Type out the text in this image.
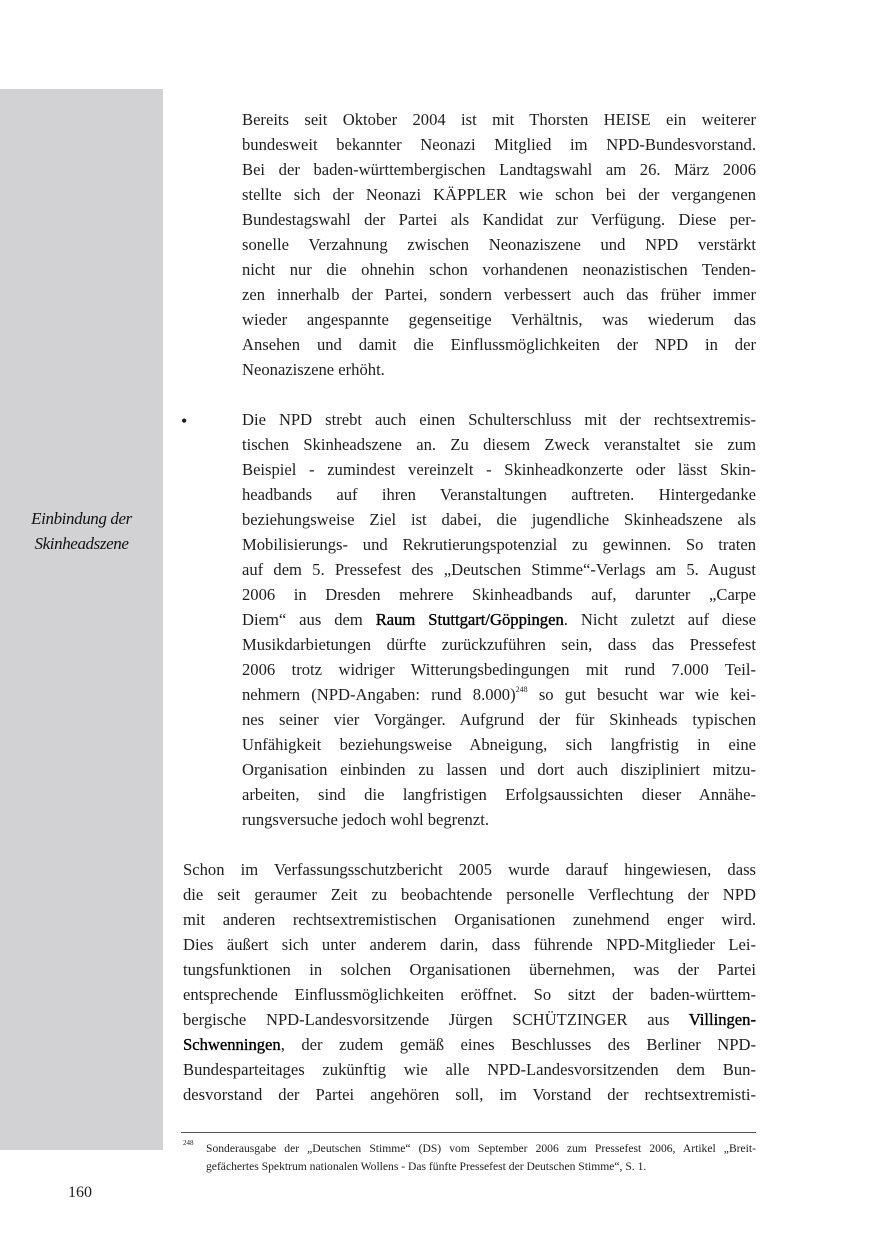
Einbindung der
Skinheadszene
Bereits seit Oktober 2004 ist mit Thorsten HEISE ein weiterer
bundesweit bekannter Neonazi Mitglied im NPD-Bundesvorstand.
Bei der baden-württembergischen Landtagswahl am 26. März 2006
stellte sich der Neonazi KÄPPLER wie schon bei der vergangenen
Bundestagswahl der Partei als Kandidat zur Verfügung. Diese per-
sonelle Verzahnung zwischen Neonaziszene und NPD verstärkt
nicht nur die ohnehin schon vorhandenen neonazistischen Tenden-
zen innerhalb der Partei, sondern verbessert auch das früher immer
wieder angespannte gegenseitige Verhältnis, was wiederum das
Ansehen und damit die Einflussmöglichkeiten der NPD in der
Neonaziszene erhöht.
•	Die NPD strebt auch einen Schulterschluss mit der rechtsextremis-
tischen Skinheadszene an. Zu diesem Zweck veranstaltet sie zum
Beispiel - zumindest vereinzelt - Skinheadkonzerte oder lässt Skin-
headbands auf ihren Veranstaltungen auftreten. Hintergedanke
beziehungsweise Ziel ist dabei, die jugendliche Skinheadszene als
Mobilisierungs- und Rekrutierungspotenzial zu gewinnen. So traten
auf dem 5. Pressefest des „Deutschen Stimme“-Verlags am 5. August
2006 in Dresden mehrere Skinheadbands auf, darunter „Carpe
Diem“ aus dem Raum Stuttgart/Göppingen. Nicht zuletzt auf diese
Musikdarbietungen dürfte zurückzuführen sein, dass das Pressefest
2006 trotz widriger Witterungsbedingungen mit rund 7.000 Teil-
nehmern (NPD-Angaben: rund 8.000)$^{248}$ so gut besucht war wie kei-
nes seiner vier Vorgänger. Aufgrund der für Skinheads typischen
Unfähigkeit beziehungsweise Abneigung, sich langfristig in eine
Organisation einbinden zu lassen und dort auch diszipliniert mitzu-
arbeiten, sind die langfristigen Erfolgsaussichten dieser Annähe-
rungsversuche jedoch wohl begrenzt.
Schon im Verfassungsschutzbericht 2005 wurde darauf hingewiesen, dass
die seit geraumer Zeit zu beobachtende personelle Verflechtung der NPD
mit anderen rechtsextremistischen Organisationen zunehmend enger wird.
Dies äußert sich unter anderem darin, dass führende NPD-Mitglieder Lei-
tungsfunktionen in solchen Organisationen übernehmen, was der Partei
entsprechende Einflussmöglichkeiten eröffnet. So sitzt der baden-württem-
bergische NPD-Landesvorsitzende Jürgen SCHÜTZINGER aus Villingen-
Schwenningen, der zudem gemäß eines Beschlusses des Berliner NPD-
Bundesparteitages zukünftig wie alle NPD-Landesvorsitzenden dem Bun-
desvorstand der Partei angehören soll, im Vorstand der rechtsextremisti-
248 Sonderausgabe der „Deutschen Stimme“ (DS) vom September 2006 zum Pressefest 2006, Artikel „Breit-
gefächertes Spektrum nationalen Wollens - Das fünfte Pressefest der Deutschen Stimme“, S. 1.
160
